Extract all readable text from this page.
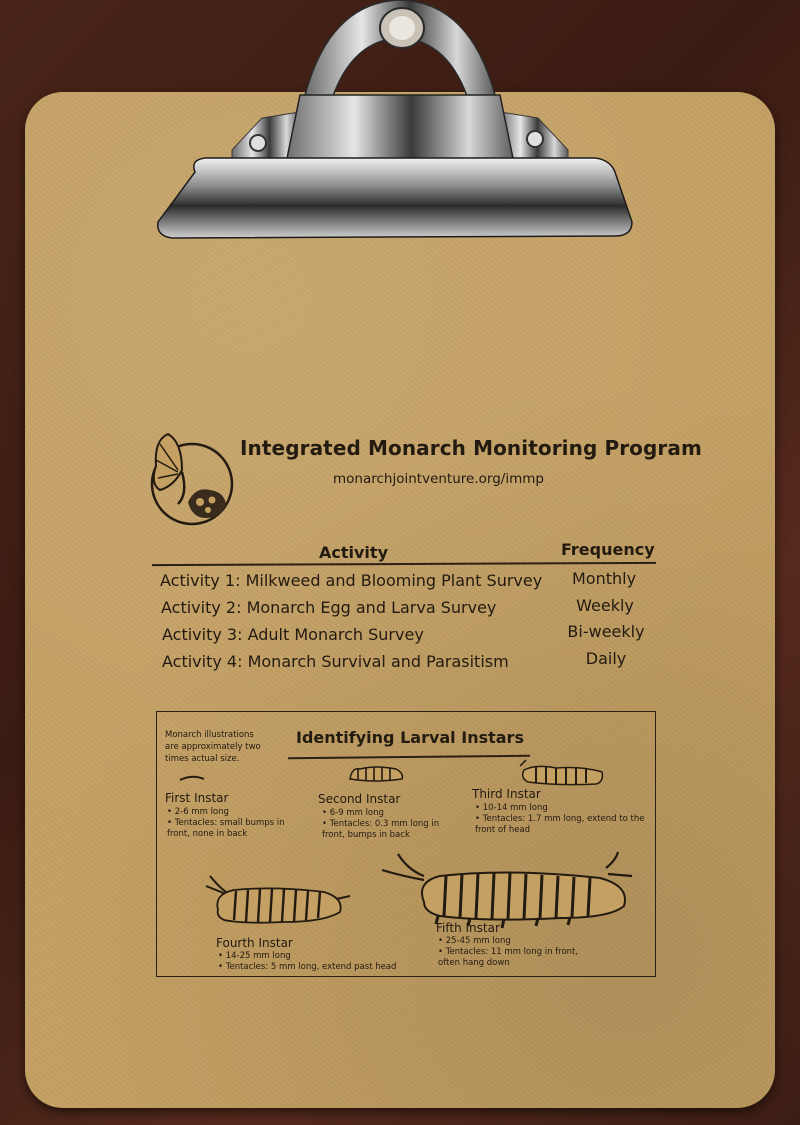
Integrated Monarch Monitoring Program
monarchjointventure.org/immp
Activity	Frequency
Activity 1: Milkweed and Blooming Plant Survey	Monthly
Activity 2: Monarch Egg and Larva Survey	Weekly
Activity 3: Adult Monarch Survey	Bi-weekly
Activity 4: Monarch Survival and Parasitism	Daily
Monarch illustrations are approximately two times actual size.
Identifying Larval Instars
First Instar
• 2-6 mm long
• Tentacles: small bumps in front, none in back
Second Instar
• 6-9 mm long
• Tentacles: 0.3 mm long in front, bumps in back
Third Instar
• 10-14 mm long
• Tentacles: 1.7 mm long, extend to the front of head
Fourth Instar
• 14-25 mm long
• Tentacles: 5 mm long, extend past head
Fifth Instar
• 25-45 mm long
• Tentacles: 11 mm long in front, often hang down
